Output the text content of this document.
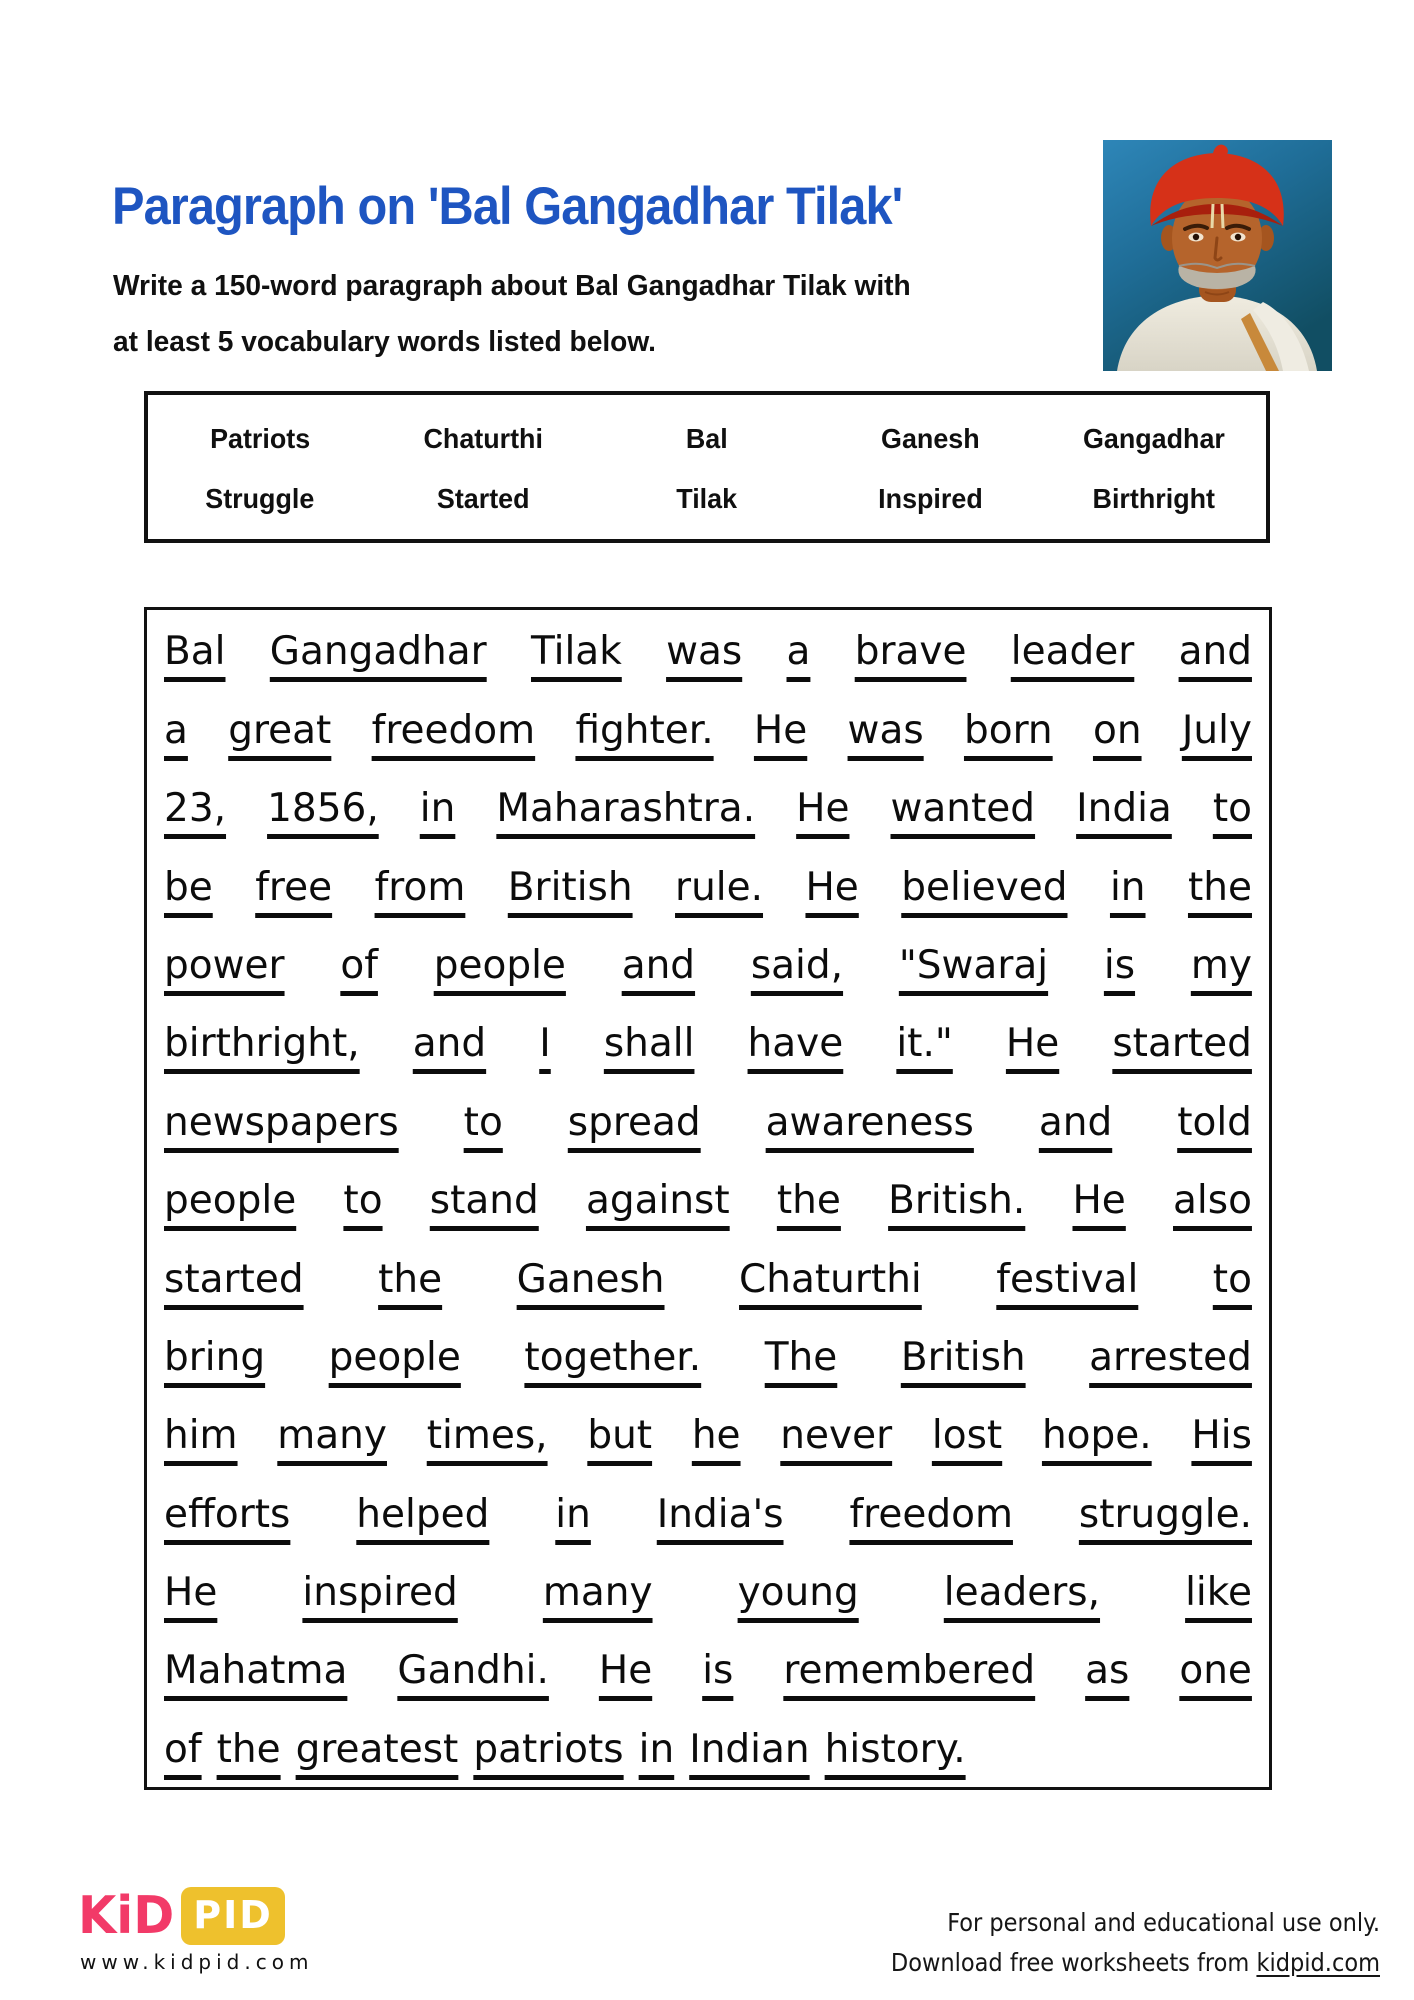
Paragraph on 'Bal Gangadhar Tilak'
Write a 150-word paragraph about Bal Gangadhar Tilak with
at least 5 vocabulary words listed below.
Patriots	Chaturthi	Bal	Ganesh	Gangadhar
Struggle	Started	Tilak	Inspired	Birthright
Bal Gangadhar Tilak was a brave leader and
a great freedom fighter. He was born on July
23, 1856, in Maharashtra. He wanted India to
be free from British rule. He believed in the
power of people and said, "Swaraj is my
birthright, and I shall have it." He started
newspapers to spread awareness and told
people to stand against the British. He also
started the Ganesh Chaturthi festival to
bring people together. The British arrested
him many times, but he never lost hope. His
efforts helped in India's freedom struggle.
He inspired many young leaders, like
Mahatma Gandhi. He is remembered as one
of the greatest patriots in Indian history.
KiD PID
www.kidpid.com
For personal and educational use only.
Download free worksheets from kidpid.com
